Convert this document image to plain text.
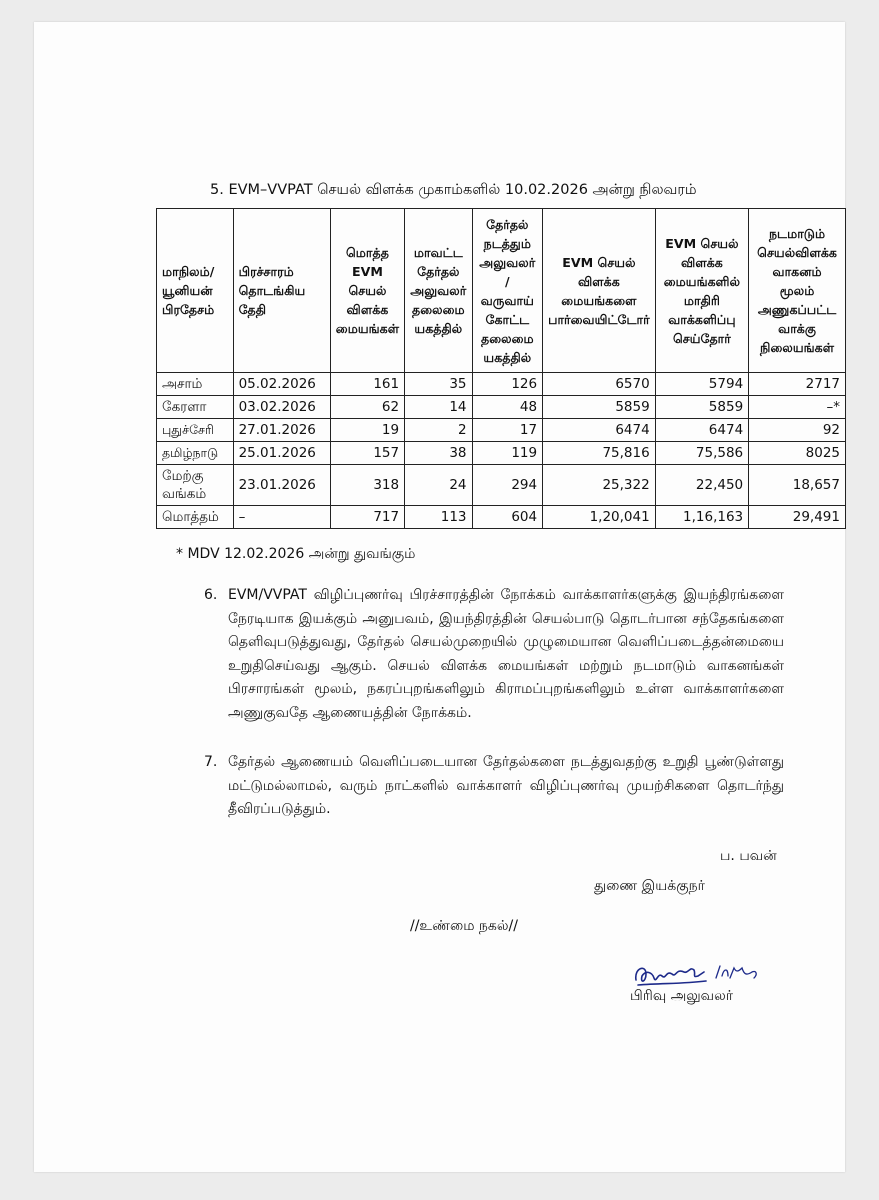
5. EVM–VVPAT செயல் விளக்க முகாம்களில் 10.02.2026 அன்று நிலவரம்
மாநிலம்/ யூனியன் பிரதேசம்	பிரச்சாரம் தொடங்கிய தேதி	மொத்த EVM செயல் விளக்க மையங்கள்	மாவட்ட தேர்தல் அலுவலர் தலைமை யகத்தில்	தேர்தல் நடத்தும் அலுவலர் / வருவாய் கோட்ட தலைமை யகத்தில்	EVM செயல் விளக்க மையங்களை பார்வையிட்டோர்	EVM செயல் விளக்க மையங்களில் மாதிரி வாக்களிப்பு செய்தோர்	நடமாடும் செயல்விளக்க வாகனம் மூலம் அணுகப்பட்ட வாக்கு நிலையங்கள்
அசாம்	05.02.2026	161	35	126	6570	5794	2717
கேரளா	03.02.2026	62	14	48	5859	5859	–*
புதுச்சேரி	27.01.2026	19	2	17	6474	6474	92
தமிழ்நாடு	25.01.2026	157	38	119	75,816	75,586	8025
மேற்கு வங்கம்	23.01.2026	318	24	294	25,322	22,450	18,657
மொத்தம்	–	717	113	604	1,20,041	1,16,163	29,491
* MDV 12.02.2026 அன்று துவங்கும்
6. EVM/VVPAT விழிப்புணர்வு பிரச்சாரத்தின் நோக்கம் வாக்காளர்களுக்கு இயந்திரங்களை நேரடியாக இயக்கும் அனுபவம், இயந்திரத்தின் செயல்பாடு தொடர்பான சந்தேகங்களை தெளிவுபடுத்துவது, தேர்தல் செயல்முறையில் முழுமையான வெளிப்படைத்தன்மையை உறுதிசெய்வது ஆகும். செயல் விளக்க மையங்கள் மற்றும் நடமாடும் வாகனங்கள் பிரசாரங்கள் மூலம், நகரப்புறங்களிலும் கிராமப்புறங்களிலும் உள்ள வாக்காளர்களை அணுகுவதே ஆணையத்தின் நோக்கம்.
7. தேர்தல் ஆணையம் வெளிப்படையான தேர்தல்களை நடத்துவதற்கு உறுதி பூண்டுள்ளது மட்டுமல்லாமல், வரும் நாட்களில் வாக்காளர் விழிப்புணர்வு முயற்சிகளை தொடர்ந்து தீவிரப்படுத்தும்.
ப. பவன்
துணை இயக்குநர்
//உண்மை நகல்//
பிரிவு அலுவலர்
